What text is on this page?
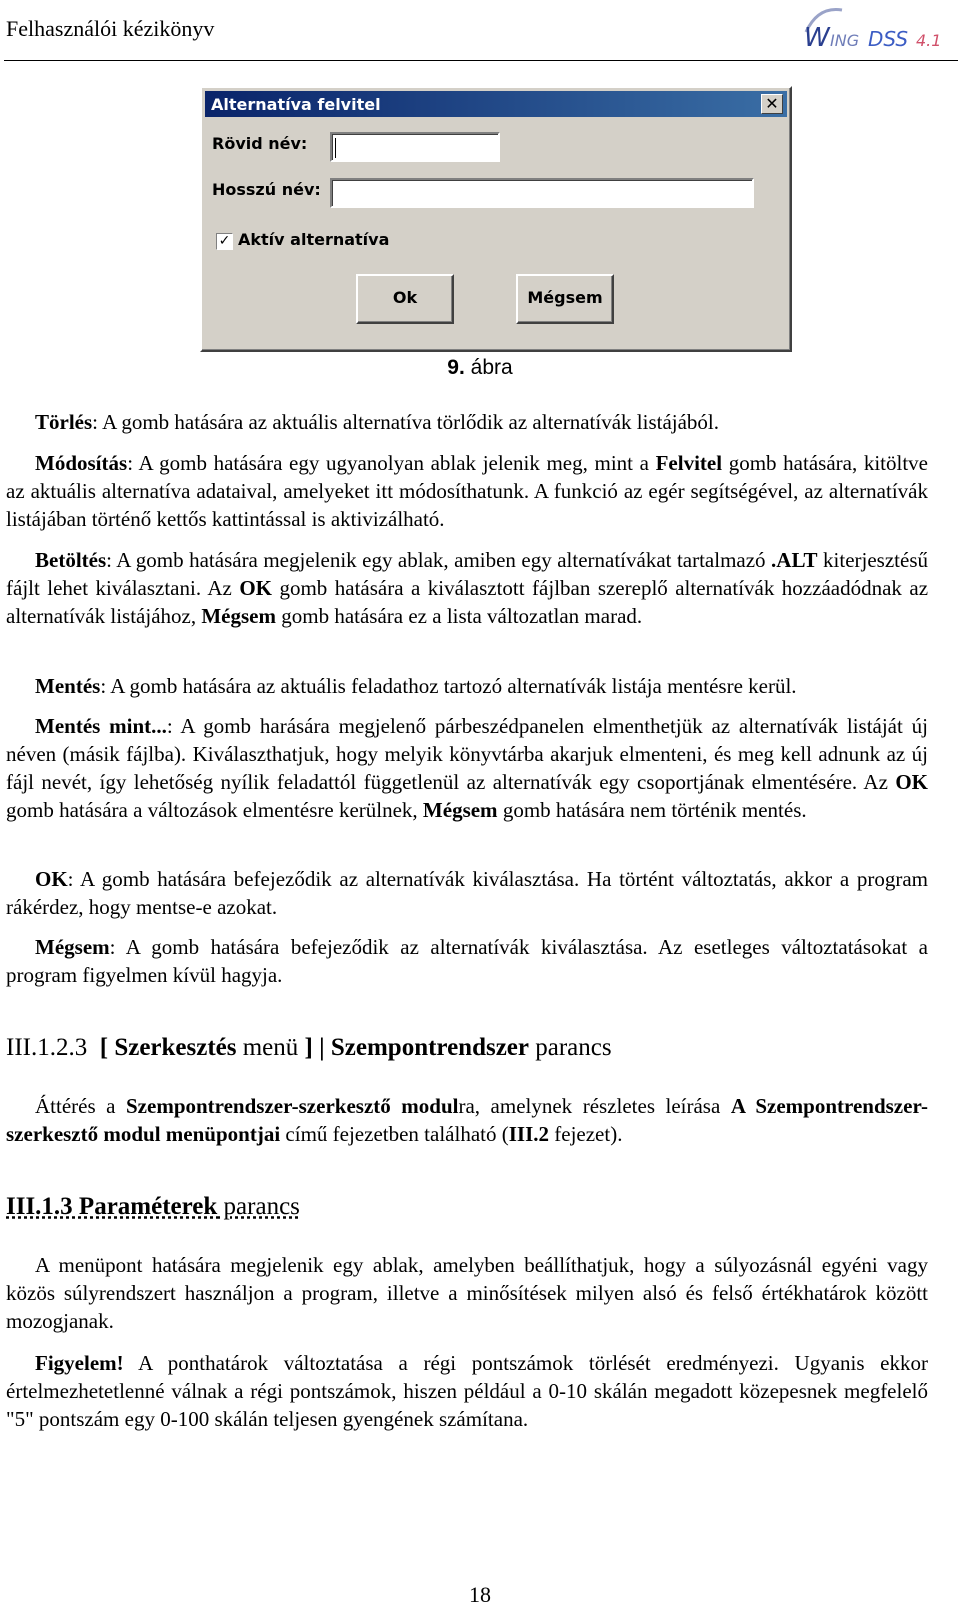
Felhasználói kézikönyv	W ING DSS 4.1
Alternatíva felvitel	✕
Rövid név:
Hosszú név:
✓ Aktív alternatíva
Ok	Mégsem
9. ábra
Törlés: A gomb hatására az aktuális alternatíva törlődik az alternatívák listájából.
Módosítás: A gomb hatására egy ugyanolyan ablak jelenik meg, mint a Felvitel gomb hatására, kitöltve az aktuális alternatíva adataival, amelyeket itt módosíthatunk. A funkció az egér segítségével, az alternatívák listájában történő kettős kattintással is aktivizálható.
Betöltés: A gomb hatására megjelenik egy ablak, amiben egy alternatívákat tartalmazó .ALT kiterjesztésű fájlt lehet kiválasztani. Az OK gomb hatására a kiválasztott fájlban szereplő alternatívák hozzáadódnak az alternatívák listájához, Mégsem gomb hatására ez a lista változatlan marad.
Mentés: A gomb hatására az aktuális feladathoz tartozó alternatívák listája mentésre kerül.
Mentés mint...: A gomb harására megjelenő párbeszédpanelen elmenthetjük az alternatívák listáját új néven (másik fájlba). Kiválaszthatjuk, hogy melyik könyvtárba akarjuk elmenteni, és meg kell adnunk az új fájl nevét, így lehetőség nyílik feladattól függetlenül az alternatívák egy csoportjának elmentésére. Az OK gomb hatására a változások elmentésre kerülnek, Mégsem gomb hatására nem történik mentés.
OK: A gomb hatására befejeződik az alternatívák kiválasztása. Ha történt változtatás, akkor a program rákérdez, hogy mentse-e azokat.
Mégsem: A gomb hatására befejeződik az alternatívák kiválasztása. Az esetleges változtatásokat a program figyelmen kívül hagyja.
III.1.2.3 [ Szerkesztés menü ] | Szempontrendszer parancs
Áttérés a Szempontrendszer-szerkesztő modulra, amelynek részletes leírása A Szempontrendszer-szerkesztő modul menüpontjai című fejezetben található (III.2 fejezet).
III.1.3 Paraméterek parancs
A menüpont hatására megjelenik egy ablak, amelyben beállíthatjuk, hogy a súlyozásnál egyéni vagy közös súlyrendszert használjon a program, illetve a minősítések milyen alsó és felső értékhatárok között mozogjanak.
Figyelem! A ponthatárok változtatása a régi pontszámok törlését eredményezi. Ugyanis ekkor értelmezhetetlenné válnak a régi pontszámok, hiszen például a 0-10 skálán megadott közepesnek megfelelő "5" pontszám egy 0-100 skálán teljesen gyengének számítana.
18
